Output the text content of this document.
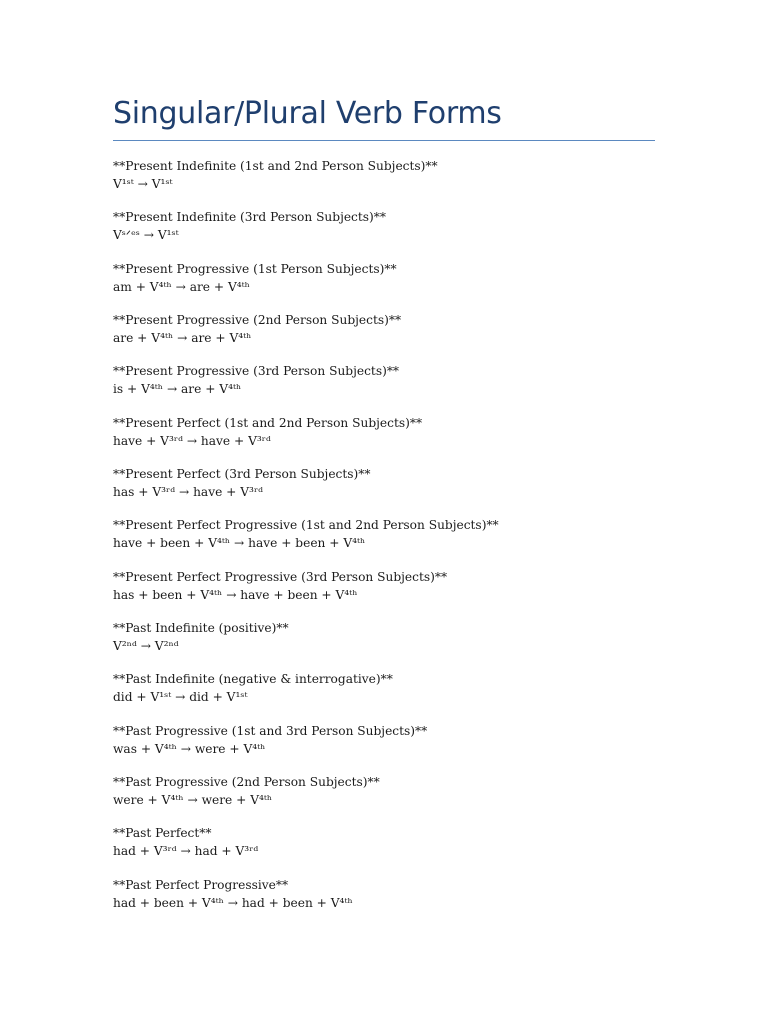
Singular/Plural Verb Forms
**Present Indefinite (1st and 2nd Person Subjects)**
V¹ˢᵗ → V¹ˢᵗ
**Present Indefinite (3rd Person Subjects)**
Vˢᐟᵉˢ → V¹ˢᵗ
**Present Progressive (1st Person Subjects)**
am + V⁴ᵗʰ → are + V⁴ᵗʰ
**Present Progressive (2nd Person Subjects)**
are + V⁴ᵗʰ → are + V⁴ᵗʰ
**Present Progressive (3rd Person Subjects)**
is + V⁴ᵗʰ → are + V⁴ᵗʰ
**Present Perfect (1st and 2nd Person Subjects)**
have + V³ʳᵈ → have + V³ʳᵈ
**Present Perfect (3rd Person Subjects)**
has + V³ʳᵈ → have + V³ʳᵈ
**Present Perfect Progressive (1st and 2nd Person Subjects)**
have + been + V⁴ᵗʰ → have + been + V⁴ᵗʰ
**Present Perfect Progressive (3rd Person Subjects)**
has + been + V⁴ᵗʰ → have + been + V⁴ᵗʰ
**Past Indefinite (positive)**
V²ⁿᵈ → V²ⁿᵈ
**Past Indefinite (negative & interrogative)**
did + V¹ˢᵗ → did + V¹ˢᵗ
**Past Progressive (1st and 3rd Person Subjects)**
was + V⁴ᵗʰ → were + V⁴ᵗʰ
**Past Progressive (2nd Person Subjects)**
were + V⁴ᵗʰ → were + V⁴ᵗʰ
**Past Perfect**
had + V³ʳᵈ → had + V³ʳᵈ
**Past Perfect Progressive**
had + been + V⁴ᵗʰ → had + been + V⁴ᵗʰ
